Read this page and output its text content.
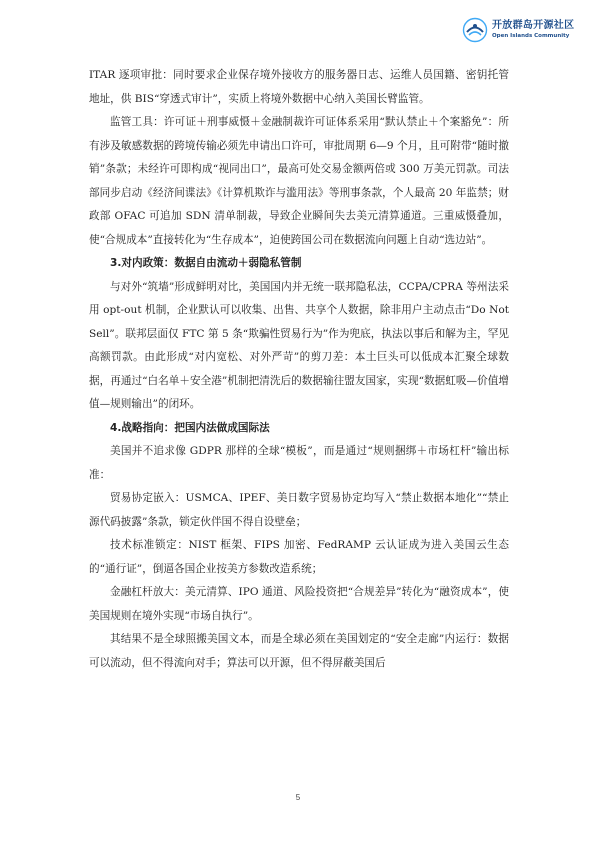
开放群岛开源社区
Open Islands Community

ITAR 逐项审批：同时要求企业保存境外接收方的服务器日志、运维人员国籍、密钥托管地址，供 BIS“穿透式审计”，实质上将境外数据中心纳入美国长臂监管。

监管工具：许可证＋刑事威慑＋金融制裁许可证体系采用“默认禁止＋个案豁免”：所有涉及敏感数据的跨境传输必须先申请出口许可，审批周期 6—9 个月，且可附带“随时撤销”条款；未经许可即构成“视同出口”，最高可处交易金额两倍或 300 万美元罚款。司法部同步启动《经济间谍法》《计算机欺诈与滥用法》等刑事条款，个人最高 20 年监禁；财政部 OFAC 可追加 SDN 清单制裁，导致企业瞬间失去美元清算通道。三重威慑叠加，使“合规成本”直接转化为“生存成本”，迫使跨国公司在数据流向问题上自动“选边站”。

3.对内政策：数据自由流动＋弱隐私管制

与对外“筑墙”形成鲜明对比，美国国内并无统一联邦隐私法，CCPA/CPRA 等州法采用 opt-out 机制，企业默认可以收集、出售、共享个人数据，除非用户主动点击“Do Not Sell”。联邦层面仅 FTC 第 5 条“欺骗性贸易行为”作为兜底，执法以事后和解为主，罕见高额罚款。由此形成“对内宽松、对外严苛”的剪刀差：本土巨头可以低成本汇聚全球数据，再通过“白名单＋安全港”机制把清洗后的数据输往盟友国家，实现“数据虹吸—价值增值—规则输出”的闭环。

4.战略指向：把国内法做成国际法

美国并不追求像 GDPR 那样的全球“模板”，而是通过“规则捆绑＋市场杠杆”输出标准：

贸易协定嵌入：USMCA、IPEF、美日数字贸易协定均写入“禁止数据本地化”“禁止源代码披露”条款，锁定伙伴国不得自设壁垒；

技术标准锁定：NIST 框架、FIPS 加密、FedRAMP 云认证成为进入美国云生态的“通行证”，倒逼各国企业按美方参数改造系统；

金融杠杆放大：美元清算、IPO 通道、风险投资把“合规差异”转化为“融资成本”，使美国规则在境外实现“市场自执行”。

其结果不是全球照搬美国文本，而是全球必须在美国划定的“安全走廊”内运行：数据可以流动，但不得流向对手；算法可以开源，但不得屏蔽美国后

5
